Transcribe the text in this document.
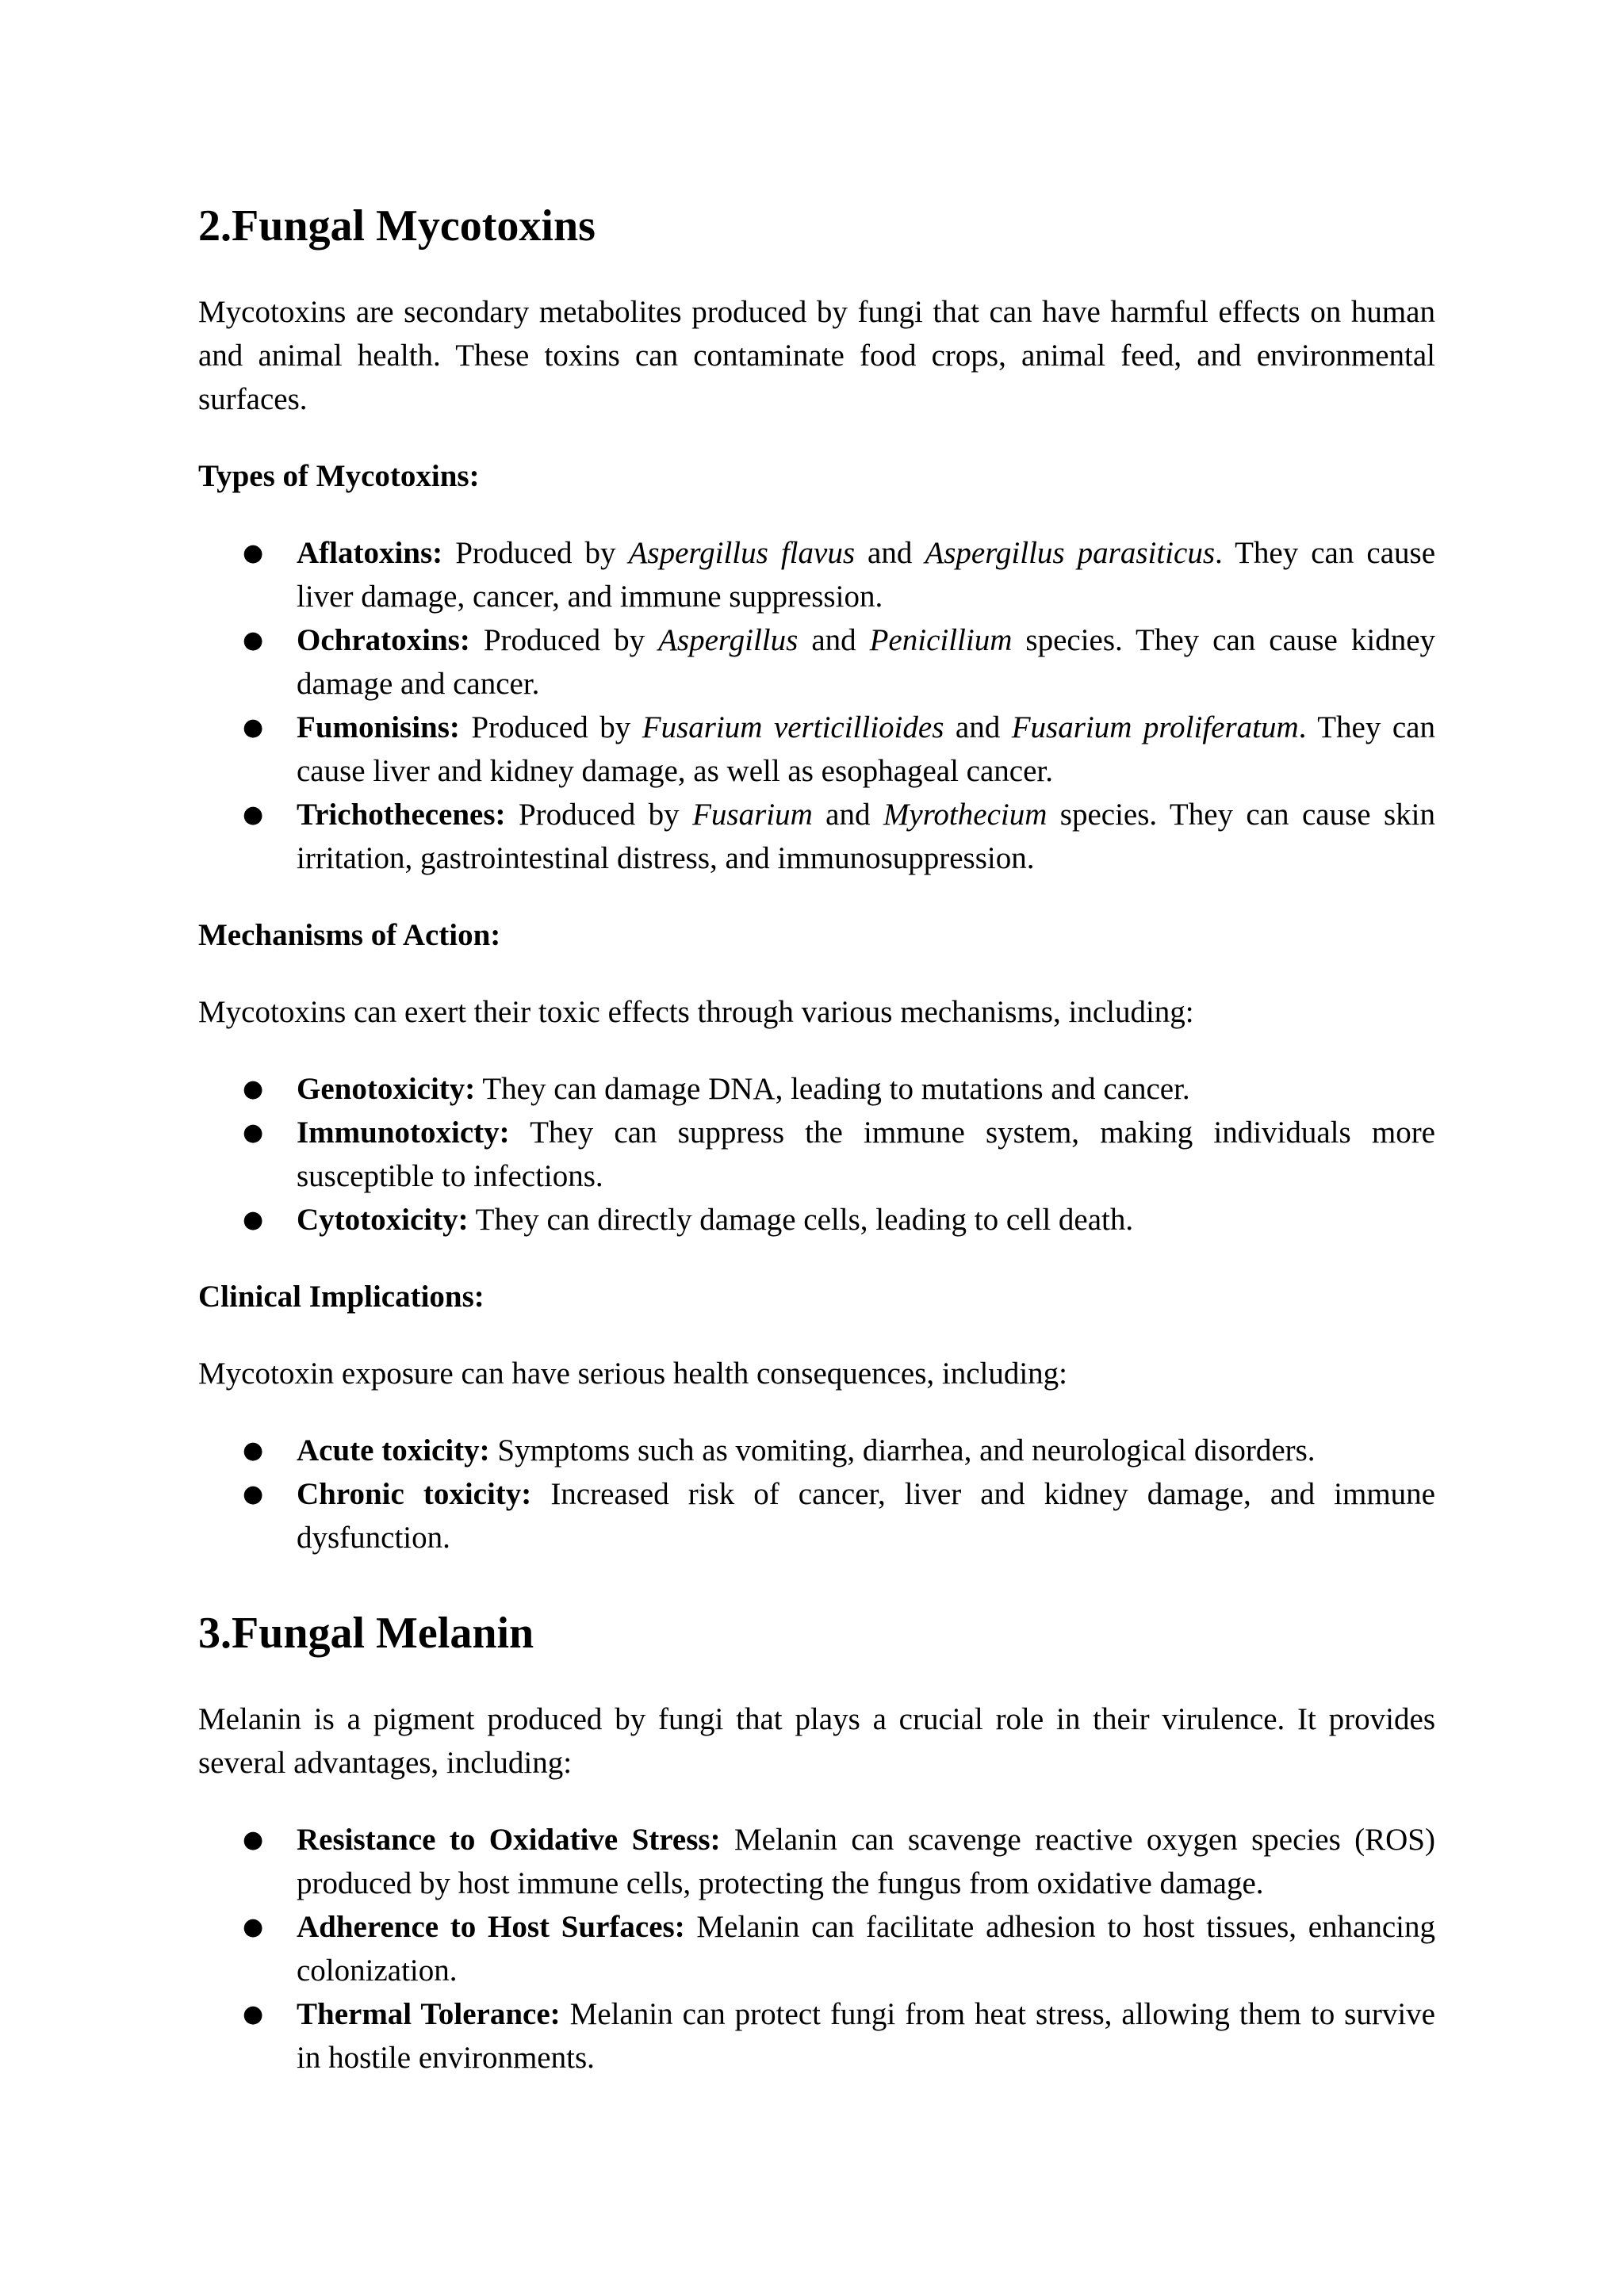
2.Fungal Mycotoxins

Mycotoxins are secondary metabolites produced by fungi that can have harmful effects on human and animal health. These toxins can contaminate food crops, animal feed, and environmental surfaces.

Types of Mycotoxins:

● Aflatoxins: Produced by Aspergillus flavus and Aspergillus parasiticus. They can cause liver damage, cancer, and immune suppression.
● Ochratoxins: Produced by Aspergillus and Penicillium species. They can cause kidney damage and cancer.
● Fumonisins: Produced by Fusarium verticillioides and Fusarium proliferatum. They can cause liver and kidney damage, as well as esophageal cancer.
● Trichothecenes: Produced by Fusarium and Myrothecium species. They can cause skin irritation, gastrointestinal distress, and immunosuppression.

Mechanisms of Action:

Mycotoxins can exert their toxic effects through various mechanisms, including:

● Genotoxicity: They can damage DNA, leading to mutations and cancer.
● Immunotoxicty: They can suppress the immune system, making individuals more susceptible to infections.
● Cytotoxicity: They can directly damage cells, leading to cell death.

Clinical Implications:

Mycotoxin exposure can have serious health consequences, including:

● Acute toxicity: Symptoms such as vomiting, diarrhea, and neurological disorders.
● Chronic toxicity: Increased risk of cancer, liver and kidney damage, and immune dysfunction.
3.Fungal Melanin

Melanin is a pigment produced by fungi that plays a crucial role in their virulence. It provides several advantages, including:

● Resistance to Oxidative Stress: Melanin can scavenge reactive oxygen species (ROS) produced by host immune cells, protecting the fungus from oxidative damage.
● Adherence to Host Surfaces: Melanin can facilitate adhesion to host tissues, enhancing colonization.
● Thermal Tolerance: Melanin can protect fungi from heat stress, allowing them to survive in hostile environments.
